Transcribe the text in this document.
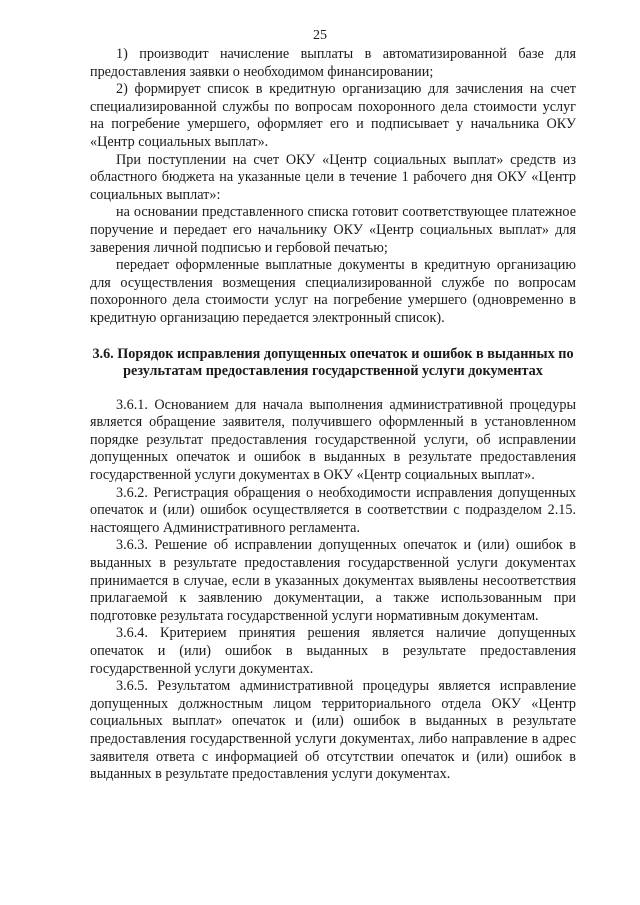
25

1) производит начисление выплаты в автоматизированной базе для предоставления заявки о необходимом финансировании;

2) формирует список в кредитную организацию для зачисления на счет специализированной службы по вопросам похоронного дела стоимости услуг на погребение умершего, оформляет его и подписывает у начальника ОКУ «Центр социальных выплат».

При поступлении на счет ОКУ «Центр социальных выплат» средств из областного бюджета на указанные цели в течение 1 рабочего дня ОКУ «Центр социальных выплат»:

на основании представленного списка готовит соответствующее платежное поручение и передает его начальнику ОКУ «Центр социальных выплат» для заверения личной подписью и гербовой печатью;

передает оформленные выплатные документы в кредитную организацию для осуществления возмещения специализированной службе по вопросам похоронного дела стоимости услуг на погребение умершего (одновременно в кредитную организацию передается электронный список).

3.6. Порядок исправления допущенных опечаток и ошибок в выданных по результатам предоставления государственной услуги документах

3.6.1. Основанием для начала выполнения административной процедуры является обращение заявителя, получившего оформленный в установленном порядке результат предоставления государственной услуги, об исправлении допущенных опечаток и ошибок в выданных в результате предоставления государственной услуги документах в ОКУ «Центр социальных выплат».

3.6.2. Регистрация обращения о необходимости исправления допущенных опечаток и (или) ошибок осуществляется в соответствии с подразделом 2.15. настоящего Административного регламента.

3.6.3. Решение об исправлении допущенных опечаток и (или) ошибок в выданных в результате предоставления государственной услуги документах принимается в случае, если в указанных документах выявлены несоответствия прилагаемой к заявлению документации, а также использованным при подготовке результата государственной услуги нормативным документам.

3.6.4. Критерием принятия решения является наличие допущенных опечаток и (или) ошибок в выданных в результате предоставления государственной услуги документах.

3.6.5. Результатом административной процедуры является исправление допущенных должностным лицом территориального отдела ОКУ «Центр социальных выплат» опечаток и (или) ошибок в выданных в результате предоставления государственной услуги документах, либо направление в адрес заявителя ответа с информацией об отсутствии опечаток и (или) ошибок в выданных в результате предоставления услуги документах.
